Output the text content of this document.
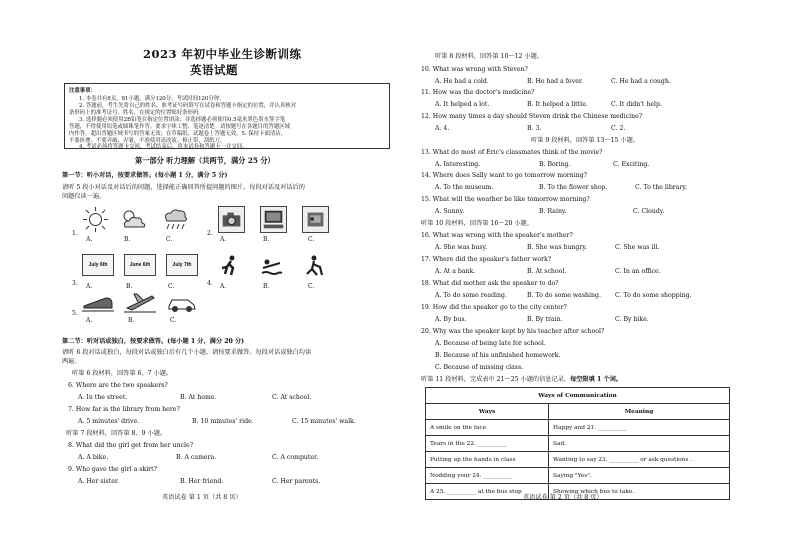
2023 年初中毕业生诊断训练
英语试题
注意事项：
1. 本卷共有8页，81小题，满分120分，考试时间120分钟。
2. 答题前，考生先将自己的姓名、准考证号码填写在试卷和答题卡指定的位置，并认真核对
条形码上的准考证号、姓名，在规定的位置贴好条形码。
3. 选择题必须使用2B铅笔在指定位置填涂；非选择题必须使用0.5毫米黑色墨水签字笔
答题，不得使用铅笔或圆珠笔作答。要求字体工整、笔迹清楚。请按题号在各题目的答题区域
内作答，超出答题区域书写的答案无效；在草稿纸、试题卷上答题无效。5. 保持卡面清洁，
不要折叠、不要弄破、弄皱，不准使用涂改液、修正带、刮纸刀。
4. 考试必须将答题卡交回，考试结束后，将本试卷和答题卡一并交回。
第一部分 听力理解（共两节，满分 25 分）
第一节：听小对话，按要求做答。(每小题 1 分，满分 5 分)
请听 5 段小对话及对话后的问题，选择能正确回答所提问题的图片。每段对话及对话后的
问题仅读一遍。
1.
A.	B.	C.
2.
A.	B.	C.
3.
July 6th	June 6th	July 7th
A.	B.	C.	4. A.	B.	C.
5.
A.	B.	C.
第二节：听对话或独白，按要求做答。(每小题 1 分，满分 20 分)
请听 6 段对话或独白，每段对话或独白后有几个小题，请按要求做答。每段对话或独白均读
两遍。
听第 6 段材料，回答第 6、7 小题。
6. Where are the two speakers?
A. In the street.	B. At home.	C. At school.
7. How far is the library from here?
A. 5 minutes' drive.	B. 10 minutes' ride.	C. 15 minutes' walk.
听第 7 段材料，回答第 8、9 小题。
8. What did the girl get from her uncle?
A. A bike.	B. A camera.	C. A computer.
9. Who gave the girl a skirt?
A. Her sister.	B. Her friend.	C. Her parents.
英语试卷 第 1 页（共 8 页）
听第 8 段材料，回答第 10～12 小题。
10. What was wrong with Steven?
A. He had a cold.	B. He had a fever.	C. He had a cough.
11. How was the doctor's medicine?
A. It helped a lot.	B. It helped a little.	C. It didn't help.
12. How many times a day should Steven drink the Chinese medicine?
A. 4.	B. 3.	C. 2.
听第 9 段材料，回答第 13～15 小题。
13. What do most of Eric's classmates think of the movie?
A. Interesting.	B. Boring.	C. Exciting.
14. Where does Sally want to go tomorrow morning?
A. To the museum.	B. To the flower shop.	C. To the library.
15. What will the weather be like tomorrow morning?
A. Sunny.	B. Rainy.	C. Cloudy.
听第 10 段材料，回答第 16～20 小题。
16. What was wrong with the speaker's mother?
A. She was busy.	B. She was hungry.	C. She was ill.
17. Where did the speaker's father work?
A. At a bank.	B. At school.	C. In an office.
18. What did mother ask the speaker to do?
A. To do some reading.	B. To do some washing. C. To do some shopping.
19. How did the speaker go to the city center?
A. By bus.	B. By train.	C. By bike.
20. Why was the speaker kept by his teacher after school?
A. Because of being late for school.
B. Because of his unfinished homework.
C. Because of missing class.
听第 11 段材料，完成表中 21～25 小题的信息记录，每空限填 1 个词。
Ways of Communication	
Ways	Meaning
A smile on the face	Happy and 21. __________
Tears in the 22. __________	Sad.
Putting up the hands in class	Wanting to say 23. __________ or ask questions .
Nodding your 24. __________	Saying "Yes".
A 25. __________ at the bus stop	Showing which bus to take.
英语试卷 第 2 页（共 8 页）
